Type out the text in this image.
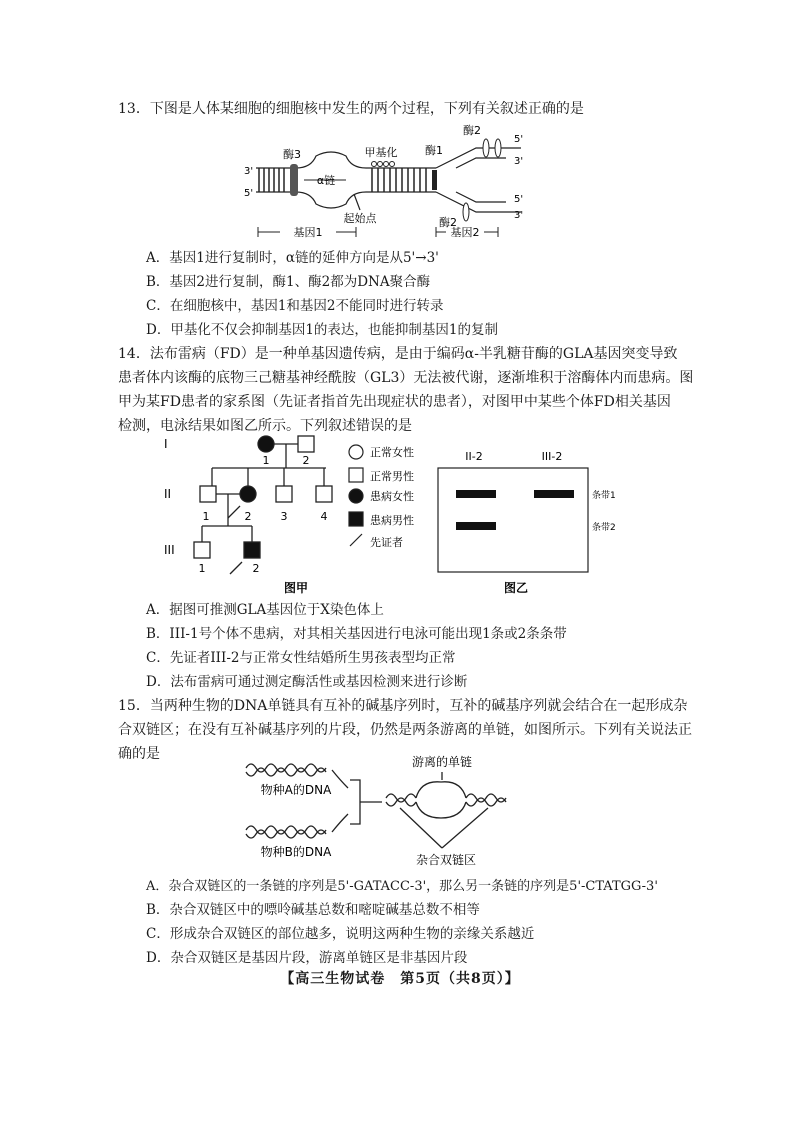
13．下图是人体某细胞的细胞核中发生的两个过程，下列有关叙述正确的是
酶3	甲基化	酶1
酶2
酶2
α链
起始点
3'
5'
5'
3'
5'
3'
基因1	基因2
A．基因1进行复制时，α链的延伸方向是从5'→3'
B．基因2进行复制，酶1、酶2都为DNA聚合酶
C．在细胞核中，基因1和基因2不能同时进行转录
D．甲基化不仅会抑制基因1的表达，也能抑制基因1的复制
14．法布雷病（FD）是一种单基因遗传病，是由于编码α-半乳糖苷酶的GLA基因突变导致
患者体内该酶的底物三己糖基神经酰胺（GL3）无法被代谢，逐渐堆积于溶酶体内而患病。图
甲为某FD患者的家系图（先证者指首先出现症状的患者），对图甲中某些个体FD相关基因
检测，电泳结果如图乙所示。下列叙述错误的是
I
II
III
1	2
1	2	3	4
1	2
图甲
正常女性
正常男性
患病女性
患病男性
先证者
II-2	III-2
条带1
条带2
图乙
A．据图可推测GLA基因位于X染色体上
B．III-1号个体不患病，对其相关基因进行电泳可能出现1条或2条条带
C．先证者III-2与正常女性结婚所生男孩表型均正常
D．法布雷病可通过测定酶活性或基因检测来进行诊断
15．当两种生物的DNA单链具有互补的碱基序列时，互补的碱基序列就会结合在一起形成杂
合双链区；在没有互补碱基序列的片段，仍然是两条游离的单链，如图所示。下列有关说法正
确的是	游离的单链
物种A的DNA
物种B的DNA
杂合双链区
A．杂合双链区的一条链的序列是5'-GATACC-3'，那么另一条链的序列是5'-CTATGG-3'
B．杂合双链区中的嘌呤碱基总数和嘧啶碱基总数不相等
C．形成杂合双链区的部位越多，说明这两种生物的亲缘关系越近
D．杂合双链区是基因片段，游离单链区是非基因片段
【高三生物试卷　第5页（共8页）】
